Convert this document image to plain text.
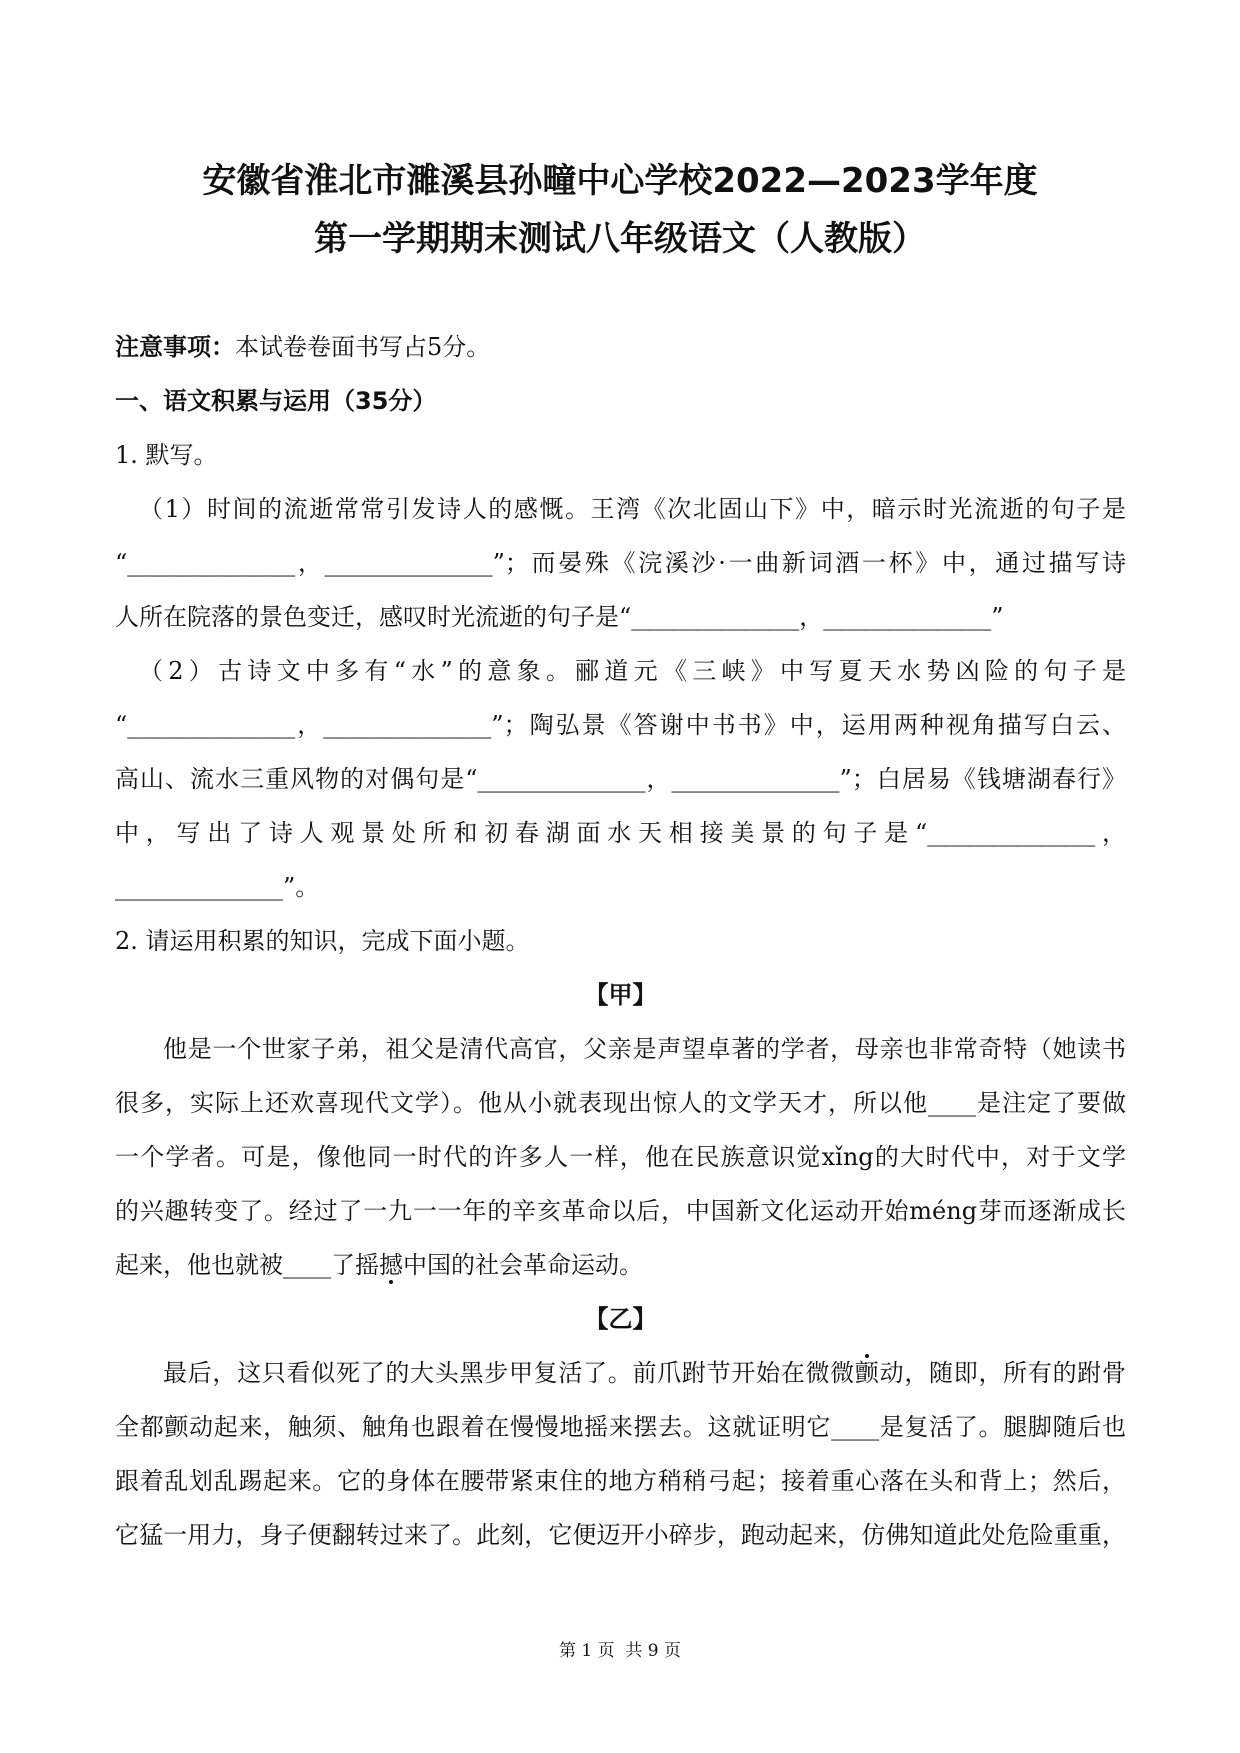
安徽省淮北市濉溪县孙疃中心学校2022—2023学年度
第一学期期末测试八年级语文（人教版）
注意事项：本试卷卷面书写占5分。
一、语文积累与运用（35分）
1. 默写。
（1）时间的流逝常常引发诗人的感慨。王湾《次北固山下》中，暗示时光流逝的句子是
“______________，______________”；而晏殊《浣溪沙·一曲新词酒一杯》中，通过描写诗
人所在院落的景色变迁，感叹时光流逝的句子是“______________，______________”
（2）古诗文中多有“水”的意象。郦道元《三峡》中写夏天水势凶险的句子是
“______________，______________”；陶弘景《答谢中书书》中，运用两种视角描写白云、
高山、流水三重风物的对偶句是“______________，______________”；白居易《钱塘湖春行》
中，写出了诗人观景处所和初春湖面水天相接美景的句子是“______________，
______________”。
2. 请运用积累的知识，完成下面小题。
【甲】
他是一个世家子弟，祖父是清代高官，父亲是声望卓著的学者，母亲也非常奇特（她读书
很多，实际上还欢喜现代文学）。他从小就表现出惊人的文学天才，所以他____是注定了要做
一个学者。可是，像他同一时代的许多人一样，他在民族意识觉xǐng的大时代中，对于文学
的兴趣转变了。经过了一九一一年的辛亥革命以后，中国新文化运动开始méng芽而逐渐成长
起来，他也就被____了摇撼中国的社会革命运动。
【乙】
最后，这只看似死了的大头黑步甲复活了。前爪跗节开始在微微颤动，随即，所有的跗骨
全都颤动起来，触须、触角也跟着在慢慢地摇来摆去。这就证明它____是复活了。腿脚随后也
跟着乱划乱踢起来。它的身体在腰带紧束住的地方稍稍弓起；接着重心落在头和背上；然后，
它猛一用力，身子便翻转过来了。此刻，它便迈开小碎步，跑动起来，仿佛知道此处危险重重，
第 1 页  共 9 页
